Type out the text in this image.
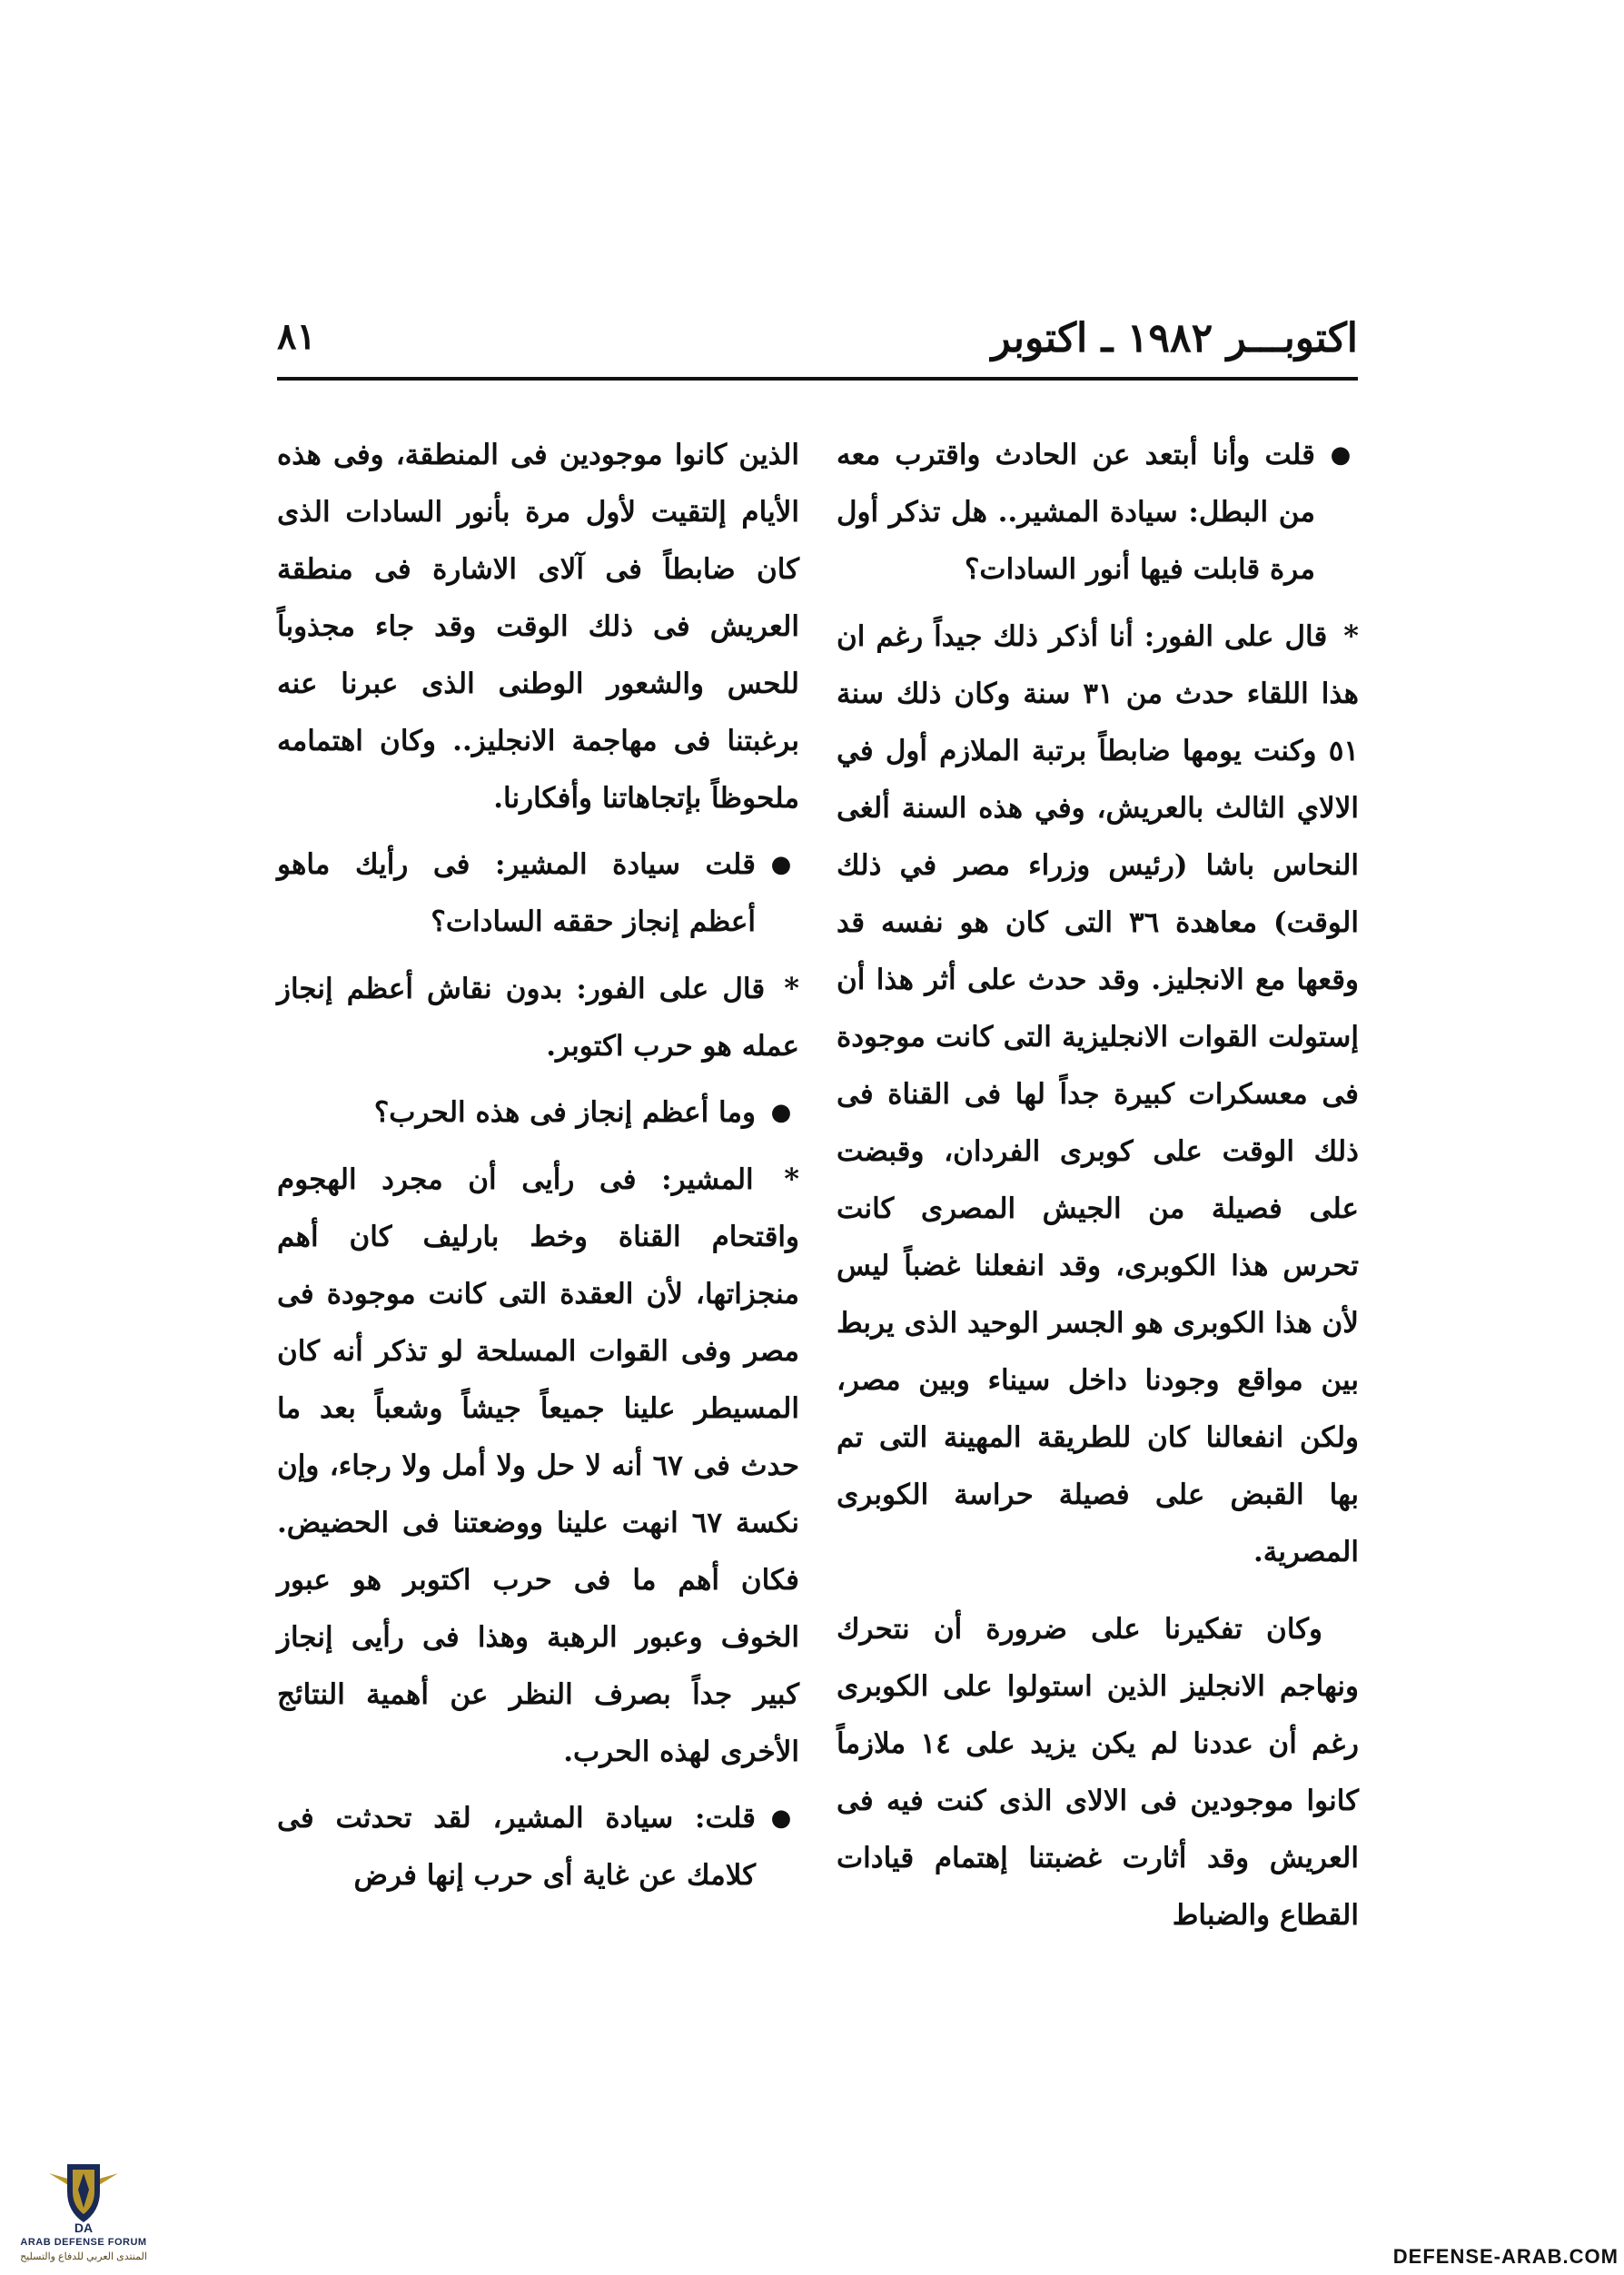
اكتوبـــر ١٩٨٢ ـ اكتوبر
٨١

●
قلت وأنا أبتعد عن الحادث واقترب معه من البطل: سيادة المشير.. هل تذكر أول مرة قابلت فيها أنور السادات؟

* قال على الفور: أنا أذكر ذلك جيداً رغم ان هذا اللقاء حدث من ٣١ سنة وكان ذلك سنة ٥١ وكنت يومها ضابطاً برتبة الملازم أول في الالاي الثالث بالعريش، وفي هذه السنة ألغى النحاس باشا (رئيس وزراء مصر في ذلك الوقت) معاهدة ٣٦ التى كان هو نفسه قد وقعها مع الانجليز. وقد حدث على أثر هذا أن إستولت القوات الانجليزية التى كانت موجودة فى معسكرات كبيرة جداً لها فى القناة فى ذلك الوقت على كوبرى الفردان، وقبضت على فصيلة من الجيش المصرى كانت تحرس هذا الكوبرى، وقد انفعلنا غضباً ليس لأن هذا الكوبرى هو الجسر الوحيد الذى يربط بين مواقع وجودنا داخل سيناء وبين مصر، ولكن انفعالنا كان للطريقة المهينة التى تم بها القبض على فصيلة حراسة الكوبرى المصرية.

وكان تفكيرنا على ضرورة أن نتحرك ونهاجم الانجليز الذين استولوا على الكوبرى رغم أن عددنا لم يكن يزيد على ١٤ ملازماً كانوا موجودين فى الالاى الذى كنت فيه فى العريش وقد أثارت غضبتنا إهتمام قيادات القطاع والضباط

الذين كانوا موجودين فى المنطقة، وفى هذه الأيام إلتقيت لأول مرة بأنور السادات الذى كان ضابطاً فى آلاى الاشارة فى منطقة العريش فى ذلك الوقت وقد جاء مجذوباً للحس والشعور الوطنى الذى عبرنا عنه برغبتنا فى مهاجمة الانجليز.. وكان اهتمامه ملحوظاً بإتجاهاتنا وأفكارنا.

●
قلت سيادة المشير: فى رأيك ماهو أعظم إنجاز حققه السادات؟

* قال على الفور: بدون نقاش أعظم إنجاز عمله هو حرب اكتوبر.

●
وما أعظم إنجاز فى هذه الحرب؟

* المشير: فى رأيى أن مجرد الهجوم واقتحام القناة وخط بارليف كان أهم منجزاتها، لأن العقدة التى كانت موجودة فى مصر وفى القوات المسلحة لو تذكر أنه كان المسيطر علينا جميعاً جيشاً وشعباً بعد ما حدث فى ٦٧ أنه لا حل ولا أمل ولا رجاء، وإن نكسة ٦٧ انهت علينا ووضعتنا فى الحضيض. فكان أهم ما فى حرب اكتوبر هو عبور الخوف وعبور الرهبة وهذا فى رأيى إنجاز كبير جداً بصرف النظر عن أهمية النتائج الأخرى لهذه الحرب.

●
قلت: سيادة المشير، لقد تحدثت فى كلامك عن غاية أى حرب إنها فرض

DA
ARAB DEFENSE FORUM
المنتدى العربي للدفاع والتسليح	DEFENSE-ARAB.COM
